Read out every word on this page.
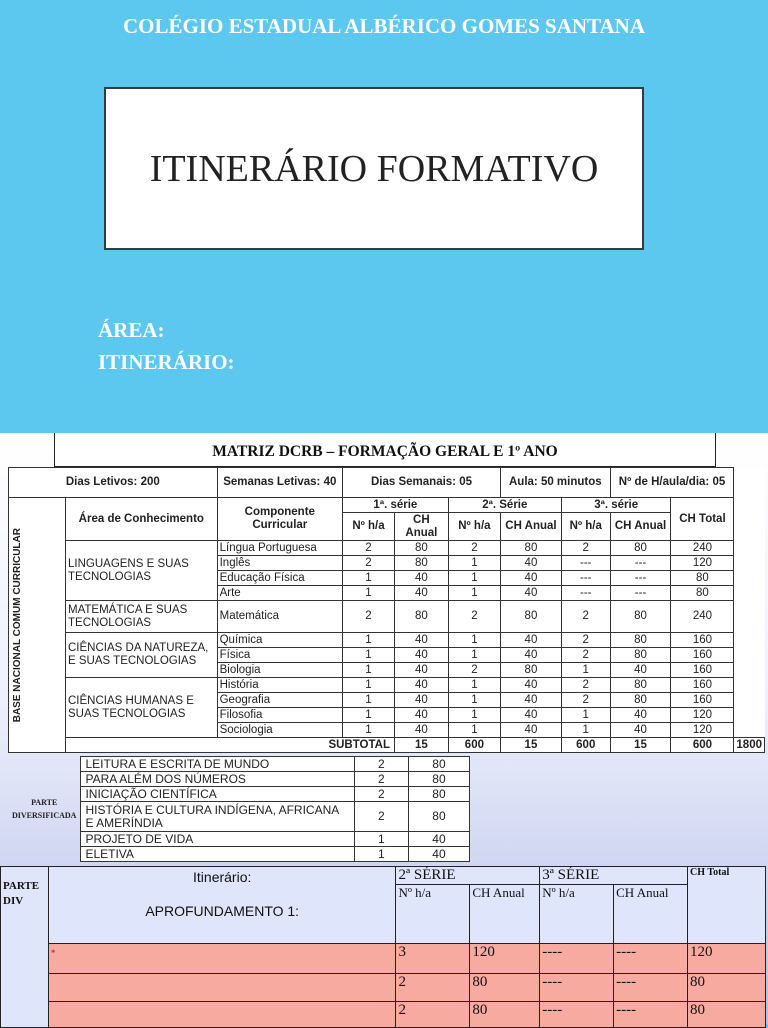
COLÉGIO ESTADUAL ALBÉRICO GOMES SANTANA
ITINERÁRIO FORMATIVO
ÁREA:
ITINERÁRIO:
MATRIZ DCRB – FORMAÇÃO GERAL E 1º ANO
Dias Letivos: 200		Semanas Letivas: 40	Dias Semanais: 05			Aula: 50 minutos		Nº de H/aula/dia: 05		

BASE NACIONAL COMUM CURRICULAR	Área de Conhecimento	Componente Curricular	1ª. série		2ª. Série		3ª. série		CH Total	
			Nº h/a	CH Anual	Nº h/a	CH Anual	Nº h/a	CH Anual		
	LINGUAGENS E SUAS TECNOLOGIAS	Língua Portuguesa	2	80	2	80	2	80	240	
		Inglês	2	80	1	40	---	---	120	
		Educação Física	1	40	1	40	---	---	80	
		Arte	1	40	1	40	---	---	80	
	MATEMÁTICA E SUAS TECNOLOGIAS	Matemática	2	80	2	80	2	80	240	
	CIÊNCIAS DA NATUREZA, E SUAS TECNOLOGIAS	Química	1	40	1	40	2	80	160	
		Física	1	40	1	40	2	80	160	
		Biologia	1	40	2	80	1	40	160	
	CIÊNCIAS HUMANAS E SUAS TECNOLOGIAS	História	1	40	1	40	2	80	160	
		Geografia	1	40	1	40	2	80	160	
		Filosofia	1	40	1	40	1	40	120	
		Sociologia	1	40	1	40	1	40	120	
	SUBTOTAL			15	600	15	600	15	600	1800
PARTE
DIVERSIFICADA	LEITURA E ESCRITA DE MUNDO	2	80
	PARA ALÉM DOS NÚMEROS	2	80
	INICIAÇÃO CIENTÍFICA	2	80
	HISTÓRIA E CULTURA INDÍGENA, AFRICANA E AMERÍNDIA	2	80
	PROJETO DE VIDA	1	40
	ELETIVA	1	40
PARTE DIV	Itinerário:
APROFUNDAMENTO 1:	2ª SÉRIE		3ª SÉRIE		CH Total
		Nº h/a	CH Anual	Nº h/a	CH Anual	
	*	3	120	----	----	120
		2	80	----	----	80
		2	80	----	----	80
